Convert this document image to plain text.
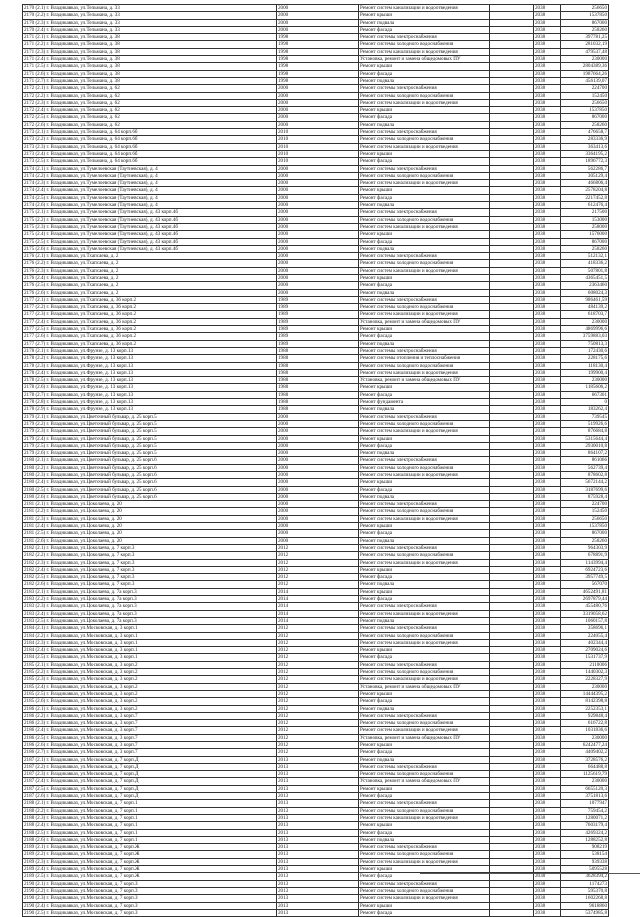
2170 (2.1) г. Владикавказ, ул.Тельмана, д. 33	2000	Ремонт систем канализации и водоотведения		2038	256650
2170 (2.2) г. Владикавказ, ул.Тельмана, д. 33	2000	Ремонт крыши		2038	1537850
2170 (2.3) г. Владикавказ, ул.Тельмана, д. 33	2000	Ремонт подвала		2038	867000
2170 (2.4) г. Владикавказ, ул.Тельмана, д. 33	2000	Ремонт фасада		2038	258260
2171 (2.1) г. Владикавказ, ул.Тельмана, д. 38	1998	Ремонт системы электроснабжения		2038	397781,25
2171 (2.2) г. Владикавказ, ул.Тельмана, д. 38	1998	Ремонт системы холодного водоснабжения		2038	281032,19
2171 (2.3) г. Владикавказ, ул.Тельмана, д. 38	1998	Ремонт систем канализации и водоотведения		2038	479537,48
2171 (2.4) г. Владикавказ, ул.Тельмана, д. 38	1998	Установка, ремонт и замена общедомовых ПУ		2038	230000
2171 (2.5) г. Владикавказ, ул.Тельмана, д. 38	1998	Ремонт крыши		2038	2804389,36
2171 (2.6) г. Владикавказ, ул.Тельмана, д. 38	1998	Ремонт фасада		2038	1987664,26
2171 (2.7) г. Владикавказ, ул.Тельмана, д. 38	1998	Ремонт подвала		2038	456139,07
2172 (2.1) г. Владикавказ, ул.Тельмана, д. 62	2000	Ремонт системы электроснабжения		2038	224700
2172 (2.2) г. Владикавказ, ул.Тельмана, д. 62	2000	Ремонт системы холодного водоснабжения		2038	152450
2172 (2.3) г. Владикавказ, ул.Тельмана, д. 62	2000	Ремонт систем канализации и водоотведения		2038	256650
2172 (2.4) г. Владикавказ, ул.Тельмана, д. 62	2000	Ремонт крыши		2038	1537850
2172 (2.5) г. Владикавказ, ул.Тельмана, д. 62	2000	Ремонт фасада		2038	867000
2172 (2.6) г. Владикавказ, ул.Тельмана, д. 62	2000	Ремонт подвала		2038	258260
2173 (2.1) г. Владикавказ, ул.Тельмана, д. 64 корп.6б	2010	Ремонт системы электроснабжения		2038	476658,7
2173 (2.2) г. Владикавказ, ул.Тельмана, д. 64 корп.6б	2010	Ремонт системы холодного водоснабжения		2038	283336,9
2173 (2.3) г. Владикавказ, ул.Тельмана, д. 64 корп.6б	2010	Ремонт систем канализации и водоотведения		2038	363413,6
2173 (2.4) г. Владикавказ, ул.Тельмана, д. 64 корп.6б	2010	Ремонт крыши		2038	3364195,2
2173 (2.5) г. Владикавказ, ул.Тельмана, д. 64 корп.6б	2010	Ремонт фасада		2038	1896772,3
2174 (2.1) г. Владикавказ, ул.Тумелоевская (Таутиевская), д. 4	2000	Ремонт системы электроснабжения		2038	562286,7
2174 (2.2) г. Владикавказ, ул.Тумелоевская (Таутиевская), д. 4	2000	Ремонт системы холодного водоснабжения		2038	305129,4
2174 (2.3) г. Владикавказ, ул.Тумелоевская (Таутиевская), д. 4	2000	Ремонт систем канализации и водоотведения		2038	466806,4
2174 (2.4) г. Владикавказ, ул.Тумелоевская (Таутиевская), д. 4	2000	Ремонт крыши		2038	2578204,8
2174 (2.5) г. Владикавказ, ул.Тумелоевская (Таутиевская), д. 4	2000	Ремонт фасада		2038	2217452,8
2174 (2.6) г. Владикавказ, ул.Тумелоевская (Таутиевская), д. 4	2000	Ремонт подвала		2038	612476,4
2175 (2.1) г. Владикавказ, ул.Тумелоевская (Таутиевская), д. 43 корп.4б	2000	Ремонт системы электроснабжения		2038	217500
2175 (2.2) г. Владикавказ, ул.Тумелоевская (Таутиевская), д. 43 корп.4б	2000	Ремонт системы холодного водоснабжения		2038	153000
2175 (2.3) г. Владикавказ, ул.Тумелоевская (Таутиевская), д. 43 корп.4б	2000	Ремонт систем канализации и водоотведения		2038	258000
2175 (2.4) г. Владикавказ, ул.Тумелоевская (Таутиевская), д. 43 корп.4б	2000	Ремонт крыши		2038	1576000
2175 (2.5) г. Владикавказ, ул.Тумелоевская (Таутиевская), д. 43 корп.4б	2000	Ремонт фасада		2038	867000
2175 (2.6) г. Владикавказ, ул.Тумелоевская (Таутиевская), д. 43 корп.4б	2000	Ремонт подвала		2038	258260
2176 (2.1) г. Владикавказ, ул.Тхапсаева, д. 2	2000	Ремонт системы электроснабжения		2038	512132,1
2176 (2.2) г. Владикавказ, ул.Тхапсаева, д. 2	2000	Ремонт системы холодного водоснабжения		2038	418336,2
2176 (2.3) г. Владикавказ, ул.Тхапсаева, д. 2	2000	Ремонт систем канализации и водоотведения		2038	507801,8
2176 (2.4) г. Владикавказ, ул.Тхапсаева, д. 2	2000	Ремонт крыши		2038	4365451,5
2176 (2.5) г. Владикавказ, ул.Тхапсаева, д. 2	2000	Ремонт фасада		2038	2363460
2176 (2.6) г. Владикавказ, ул.Тхапсаева, д. 2	2000	Ремонт подвала		2038	608024,3
2177 (2.1) г. Владикавказ, ул.Тхапсаева, д. 36 корп.2	1989	Ремонт системы электроснабжения		2038	986461,59
2177 (2.2) г. Владикавказ, ул.Тхапсаева, д. 36 корп.2	1989	Ремонт системы холодного водоснабжения		2038	484139,2
2177 (2.3) г. Владикавказ, ул.Тхапсаева, д. 36 корп.2	1989	Ремонт систем канализации и водоотведения		2038	618703,7
2177 (2.4) г. Владикавказ, ул.Тхапсаева, д. 36 корп.2	1989	Установка, ремонт и замена общедомовых ПУ		2038	230000
2177 (2.5) г. Владикавказ, ул.Тхапсаева, д. 36 корп.2	1989	Ремонт крыши		2038	4869996,6
2177 (2.6) г. Владикавказ, ул.Тхапсаева, д. 36 корп.2	1989	Ремонт фасада		2038	3759883,03
2177 (2.7) г. Владикавказ, ул.Тхапсаева, д. 36 корп.2	1989	Ремонт подвала		2038	750813,3
2178 (2.1) г. Владикавказ, ул.Фрунзе, д. 13 корп.13	1988	Ремонт системы электроснабжения		2038	172430,6
2178 (2.2) г. Владикавказ, ул.Фрунзе, д. 13 корп.13	1988	Ремонт системы отопления и теплоснабжения		2038	228175,6
2178 (2.3) г. Владикавказ, ул.Фрунзе, д. 13 корп.13	1988	Ремонт системы холодного водоснабжения		2038	118130,4
2178 (2.4) г. Владикавказ, ул.Фрунзе, д. 13 корп.13	1988	Ремонт систем канализации и водоотведения		2038	199900,4
2178 (2.5) г. Владикавказ, ул.Фрунзе, д. 13 корп.13	1988	Установка, ремонт и замена общедомовых ПУ		2038	230000
2178 (2.6) г. Владикавказ, ул.Фрунзе, д. 13 корп.13	1988	Ремонт крыши		2038	1185606,2
2178 (2.7) г. Владикавказ, ул.Фрунзе, д. 13 корп.13	1988	Ремонт фасада		2038	667301
2178 (2.8) г. Владикавказ, ул.Фрунзе, д. 13 корп.13	1988	Ремонт фундамента		2038	0
2178 (2.9) г. Владикавказ, ул.Фрунзе, д. 13 корп.13	1988	Ремонт подвала		2038	183262,4
2179 (2.1) г. Владикавказ, ул.Цветочный бульвар, д. 25 корп.5	2000	Ремонт системы электроснабжения		2038	739545
2179 (2.2) г. Владикавказ, ул.Цветочный бульвар, д. 25 корп.5	2000	Ремонт системы холодного водоснабжения		2038	519926,6
2179 (2.3) г. Владикавказ, ул.Цветочный бульвар, д. 25 корп.5	2000	Ремонт систем канализации и водоотведения		2038	876684,8
2179 (2.4) г. Владикавказ, ул.Цветочный бульвар, д. 25 корп.5	2000	Ремонт крыши		2038	5315644,4
2179 (2.5) г. Владикавказ, ул.Цветочный бульвар, д. 25 корп.5	2000	Ремонт фасада		2038	2930010,8
2179 (2.6) г. Владикавказ, ул.Цветочный бульвар, д. 25 корп.5	2000	Ремонт подвала		2038	864107,2
2180 (2.1) г. Владикавказ, ул.Цветочный бульвар, д. 25 корп.6	2000	Ремонт системы электроснабжения		2038	861066
2180 (2.2) г. Владикавказ, ул.Цветочный бульвар, д. 25 корп.6	2000	Ремонт системы холодного водоснабжения		2038	562739,4
2180 (2.3) г. Владикавказ, ул.Цветочный бульвар, д. 25 корп.6	2000	Ремонт систем канализации и водоотведения		2038	878602,8
2180 (2.4) г. Владикавказ, ул.Цветочный бульвар, д. 25 корп.6	2000	Ремонт крыши		2038	5672144,2
2180 (2.5) г. Владикавказ, ул.Цветочный бульвар, д. 25 корп.6	2000	Ремонт фасада		2038	3187699,6
2180 (2.6) г. Владикавказ, ул.Цветочный бульвар, д. 25 корп.6	2000	Ремонт подвала		2038	875928,4
2181 (2.1) г. Владикавказ, ул.Цоколаева, д. 20	2000	Ремонт системы электроснабжения		2038	224700
2181 (2.2) г. Владикавказ, ул.Цоколаева, д. 20	2000	Ремонт системы холодного водоснабжения		2038	152450
2181 (2.3) г. Владикавказ, ул.Цоколаева, д. 20	2000	Ремонт систем канализации и водоотведения		2038	256650
2181 (2.4) г. Владикавказ, ул.Цоколаева, д. 20	2000	Ремонт крыши		2038	1537850
2181 (2.5) г. Владикавказ, ул.Цоколаева, д. 20	2000	Ремонт фасада		2038	867000
2181 (2.6) г. Владикавказ, ул.Цоколаева, д. 20	2000	Ремонт подвала		2038	258260
2182 (2.1) г. Владикавказ, ул.Цоколаева, д. 7 корп.3	2012	Ремонт системы электроснабжения		2038	964303,9
2182 (2.2) г. Владикавказ, ул.Цоколаева, д. 7 корп.3	2012	Ремонт системы холодного водоснабжения		2038	678891,9
2182 (2.3) г. Владикавказ, ул.Цоколаева, д. 7 корп.3	2012	Ремонт систем канализации и водоотведения		2038	1143994,4
2182 (2.4) г. Владикавказ, ул.Цоколаева, д. 7 корп.3	2012	Ремонт крыши		2038	6924723,6
2182 (2.5) г. Владикавказ, ул.Цоколаева, д. 7 корп.3	2012	Ремонт фасада		2038	3957749,5
2182 (2.6) г. Владикавказ, ул.Цоколаева, д. 7 корп.3	2012	Ремонт подвала		2038	567070
2183 (2.1) г. Владикавказ, ул.Цоколаева, д. 7а корп.3	2014	Ремонт крыши		2038	4652491,81
2183 (2.2) г. Владикавказ, ул.Цоколаева, д. 7а корп.3	2014	Ремонт фасада		2038	2697879,44
2183 (2.3) г. Владикавказ, ул.Цоколаева, д. 7а корп.3	2014	Ремонт системы электроснабжения		2038	455480,76
2183 (2.4) г. Владикавказ, ул.Цоколаева, д. 7а корп.3	2014	Ремонт систем канализации и водоотведения		2038	3319058,62
2183 (2.5) г. Владикавказ, ул.Цоколаева, д. 7а корп.3	2014	Ремонт подвала		2038	1060157,8
2184 (2.1) г. Владикавказ, ул.Московская, д. 3 корп.1	2012	Ремонт системы электроснабжения		2038	358696,1
2184 (2.2) г. Владикавказ, ул.Московская, д. 3 корп.1	2012	Ремонт системы холодного водоснабжения		2038	224055,4
2184 (2.3) г. Владикавказ, ул.Московская, д. 3 корп.1	2012	Ремонт систем канализации и водоотведения		2038	402344,4
2184 (2.4) г. Владикавказ, ул.Московская, д. 3 корп.1	2012	Ремонт крыши		2038	2709024,6
2184 (2.5) г. Владикавказ, ул.Московская, д. 3 корп.1	2012	Ремонт фасада		2038	1531737,9
2185 (2.1) г. Владикавказ, ул.Московская, д. 3 корп.2	2012	Ремонт системы электроснабжения		2038	2110006
2185 (2.2) г. Владикавказ, ул.Московская, д. 3 корп.2	2012	Ремонт системы холодного водоснабжения		2038	1440302,3
2185 (2.3) г. Владикавказ, ул.Московская, д. 3 корп.2	2012	Ремонт систем канализации и водоотведения		2038	2228327,9
2185 (2.4) г. Владикавказ, ул.Московская, д. 3 корп.2	2012	Установка, ремонт и замена общедомовых ПУ		2038	230000
2185 (2.5) г. Владикавказ, ул.Московская, д. 3 корп.2	2012	Ремонт крыши		2038	14444395,2
2185 (2.6) г. Владикавказ, ул.Московская, д. 3 корп.2	2012	Ремонт фасада		2038	8142398,8
2186 (2.1) г. Владикавказ, ул.Московская, д. 3 корп.2	2012	Ремонт подвала		2038	2252353,1
2186 (2.2) г. Владикавказ, ул.Московская, д. 3 корп.7	2012	Ремонт системы электроснабжения		2038	929848,4
2186 (2.3) г. Владикавказ, ул.Московская, д. 3 корп.7	2012	Ремонт системы холодного водоснабжения		2038	616722,8
2186 (2.4) г. Владикавказ, ул.Московская, д. 3 корп.7	2012	Ремонт систем канализации и водоотведения		2038	1031836,6
2186 (2.5) г. Владикавказ, ул.Московская, д. 3 корп.7	2012	Установка, ремонт и замена общедомовых ПУ		2038	230000
2186 (2.6) г. Владикавказ, ул.Московская, д. 3 корп.7	2012	Ремонт крыши		2038	6242477,24
2186 (2.7) г. Владикавказ, ул.Московская, д. 3 корп.7	2012	Ремонт фасада		2038	4409402,2
2187 (2.1) г. Владикавказ, ул.Московская, д. 7 корп.Д	2013	Ремонт подвала		2038	3728576,2
2187 (2.2) г. Владикавказ, ул.Московская, д. 7 корп.Д	2013	Ремонт системы электроснабжения		2038	664488,8
2187 (2.3) г. Владикавказ, ул.Московская, д. 7 корп.Д	2013	Ремонт системы холодного водоснабжения		2038	1125619,79
2187 (2.4) г. Владикавказ, ул.Московская, д. 7 корп.Д	2013	Установка, ремонт и замена общедомовых ПУ		2038	230000
2187 (2.5) г. Владикавказ, ул.Московская, д. 7 корп.Д	2013	Ремонт крыши		2038	6655120,3
2187 (2.6) г. Владикавказ, ул.Московская, д. 7 корп.Д	2013	Ремонт фасада		2038	3751813,6
2188 (2.1) г. Владикавказ, ул.Московская, д. 7 корп.1	2013	Ремонт системы электроснабжения		2038	1077947
2188 (2.2) г. Владикавказ, ул.Московская, д. 7 корп.1	2013	Ремонт системы холодного водоснабжения		2038	759454,2
2188 (2.3) г. Владикавказ, ул.Московская, д. 7 корп.1	2013	Ремонт систем канализации и водоотведения		2038	1280071,2
2188 (2.4) г. Владикавказ, ул.Московская, д. 7 корп.1	2013	Ремонт крыши		2038	7603179,4
2188 (2.5) г. Владикавказ, ул.Московская, д. 7 корп.1	2013	Ремонт фасада		2038	4269324,2
2188 (2.6) г. Владикавказ, ул.Московская, д. 7 корп.1	2013	Ремонт подвала		2038	1288252,8
2189 (2.1) г. Владикавказ, ул.Московская, д. 7 корп.Ж	2013	Ремонт системы электроснабжения		2038	908219
2189 (2.2) г. Владикавказ, ул.Московская, д. 7 корп.Ж	2013	Ремонт системы холодного водоснабжения		2038	538154
2189 (2.3) г. Владикавказ, ул.Московская, д. 7 корп.Ж	2013	Ремонт систем канализации и водоотведения		2038	939338
2189 (2.4) г. Владикавказ, ул.Московская, д. 7 корп.Ж	2013	Ремонт крыши		2038	5095528
2189 (2.5) г. Владикавказ, ул.Московская, д. 7 корп.Ж	2013	Ремонт фасада		2038	3628394,2
2190 (2.1) г. Владикавказ, ул.Московская, д. 7 корп.З	2013	Ремонт системы электроснабжения		2038	1174273
2190 (2.2) г. Владикавказ, ул.Московская, д. 7 корп.З	2013	Ремонт системы холодного водоснабжения		2038	595370,8
2190 (2.3) г. Владикавказ, ул.Московская, д. 7 корп.З	2013	Ремонт систем канализации и водоотведения		2038	1602268,8
2190 (2.4) г. Владикавказ, ул.Московская, д. 7 корп.З	2013	Ремонт крыши		2038	9618860
2190 (2.5) г. Владикавказ, ул.Московская, д. 7 корп.З	2013	Ремонт фасада		2038	5374985,8
